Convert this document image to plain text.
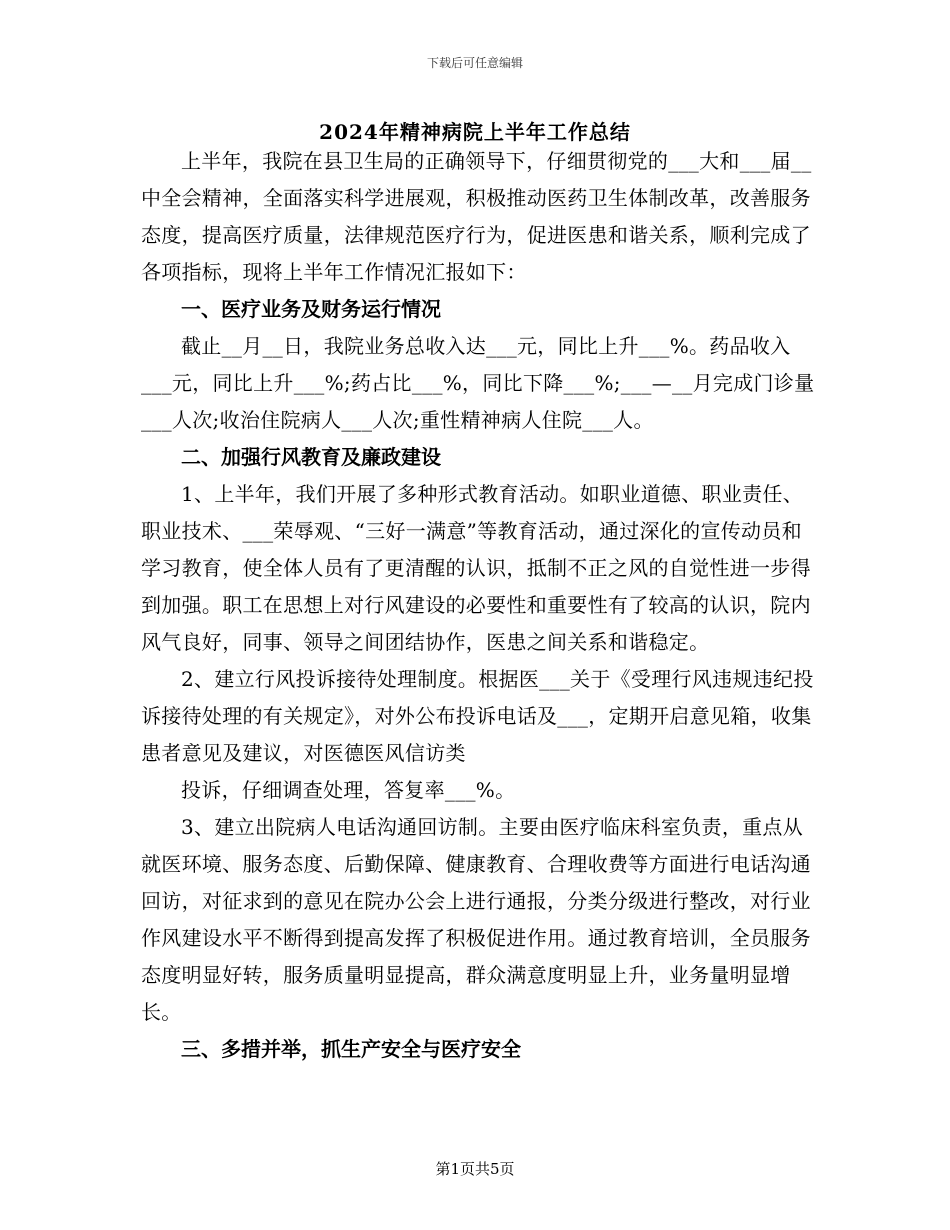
下载后可任意编辑
2024年精神病院上半年工作总结

上半年，我院在县卫生局的正确领导下，仔细贯彻党的___大和___届__中全会精神，全面落实科学进展观，积极推动医药卫生体制改革，改善服务态度，提高医疗质量，法律规范医疗行为，促进医患和谐关系，顺利完成了各项指标，现将上半年工作情况汇报如下：

一、医疗业务及财务运行情况

截止__月__日，我院业务总收入达___元，同比上升___%。药品收入___元，同比上升___%;药占比___%，同比下降___%;___—__月完成门诊量___人次;收治住院病人___人次;重性精神病人住院___人。

二、加强行风教育及廉政建设

1、上半年，我们开展了多种形式教育活动。如职业道德、职业责任、职业技术、___荣辱观、“三好一满意”等教育活动，通过深化的宣传动员和学习教育，使全体人员有了更清醒的认识，抵制不正之风的自觉性进一步得到加强。职工在思想上对行风建设的必要性和重要性有了较高的认识，院内风气良好，同事、领导之间团结协作，医患之间关系和谐稳定。

2、建立行风投诉接待处理制度。根据医___关于《受理行风违规违纪投诉接待处理的有关规定》，对外公布投诉电话及___，定期开启意见箱，收集患者意见及建议，对医德医风信访类

投诉，仔细调查处理，答复率___%。

3、建立出院病人电话沟通回访制。主要由医疗临床科室负责，重点从就医环境、服务态度、后勤保障、健康教育、合理收费等方面进行电话沟通回访，对征求到的意见在院办公会上进行通报，分类分级进行整改，对行业作风建设水平不断得到提高发挥了积极促进作用。通过教育培训，全员服务态度明显好转，服务质量明显提高，群众满意度明显上升，业务量明显增长。

三、多措并举，抓生产安全与医疗安全

第1页共5页
